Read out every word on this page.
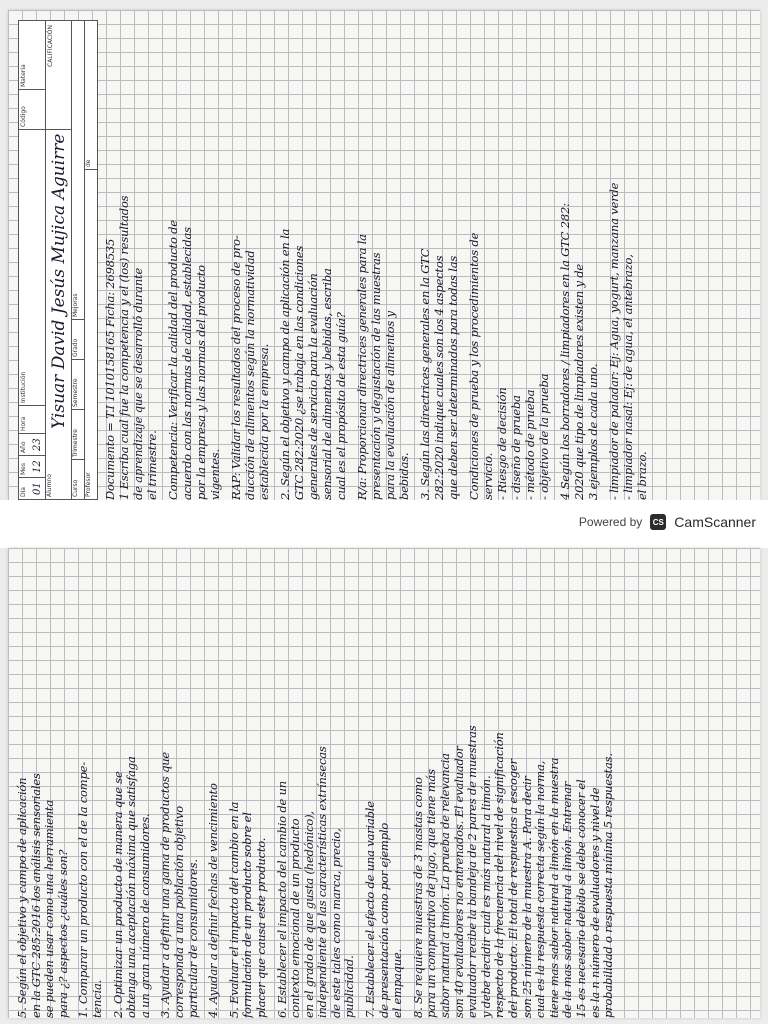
Día 01
Mes 12
Año 23
Hora
Institución
Código
Materia
Alumno
Yisuar David Jesús Mujica Aguirre
CALIFICACIÓN
Curso
Trimestre
Semestre
Grado
Mejoras
Profesor
de
Documento = T.I 1010158165 Ficha: 2698535 1 Escriba cual fue la competencia y el (los) resultados de aprendizaje que se desarrolló durante el trimestre. Competencia: Verificar la calidad del producto de acuerdo con las normas de calidad, establecidas por la empresa y las normas del producto vigentes. RAP: Validar los resultados del proceso de pro- ducción de alimentos según la normatividad establecida por la empresa. 2. Según el objetivo y campo de aplicación en la GTC 282:2020 ¿se trabaja en las condiciones generales de servicio para la evaluación sensorial de alimentos y bebidas, escriba cual es el propósito de esta guía? R/a: Proporcionar directrices generales para la presentación y degustación de las muestras para la evaluación de alimentos y bebidas. 3. Según las directrices generales en la GTC 282:2020 indique cuales son los 4 aspectos que deben ser determinados para todas las Condiciones de prueba y los procedimientos de servicio. - Riesgo de decisión - diseño de prueba - método de prueba - objetivo de la prueba 4 Según los borradores / limpiadores en la GTC 282: 2020 que tipo de limpiadores existen y de 3 ejemplos de cada uno. - limpiador de paladar: Ej: Agua, yogurt, manzana verde - limpiador nasal: Ej: de agua, el antebrazo, el brazo.
Powered by	CS CamScanner
5. Según el objetivo y campo de aplicación en la GTC 285:2016 los análisis sensoriales se pueden usar como una herramienta para ¿? aspectos ¿cuáles son? 1. Comparar un producto con el de la compe- tencia. 2. Optimizar un producto de manera que se obtenga una aceptación máxima que satisfaga a un gran número de consumidores. 3. Ayudar a definir una gama de productos que corresponda a una población objetivo particular de consumidores. 4. Ayudar a definir fechas de vencimiento 5. Evaluar el impacto del cambio en la formulación de un producto sobre el placer que causa este producto. 6. Establecer el impacto del cambio de un contexto emocional de un producto en el grado de que gusta (hedónico), independiente de las características extrínsecas de este tales como marca, precio, publicidad. 7. Establecer el efecto de una variable de presentación como por ejemplo el empaque. 8. Se requiere muestras de 3 mastas como para un comparativo de jugo, que tiene más sabor natural a limón. La prueba de relevancia son 40 evaluadores no entrenados. El evaluador evaluador recibe la bandeja de 2 pares de muestras y debe decidir cuál es más natural a limón. respecto de la frecuencia del nivel de significación del producto. El total de respuestas a escoger son 25 número de la muestra A. Para decir cual es la respuesta correcta según la norma, tiene mas sabor natural a limón en la muestra de la mas sabor natural a limón. Entrenar 15 es necesario debido se debe conocer el es la n número de evaluadores y nivel de probabilidad o respuesta mínima 5 respuestas.
